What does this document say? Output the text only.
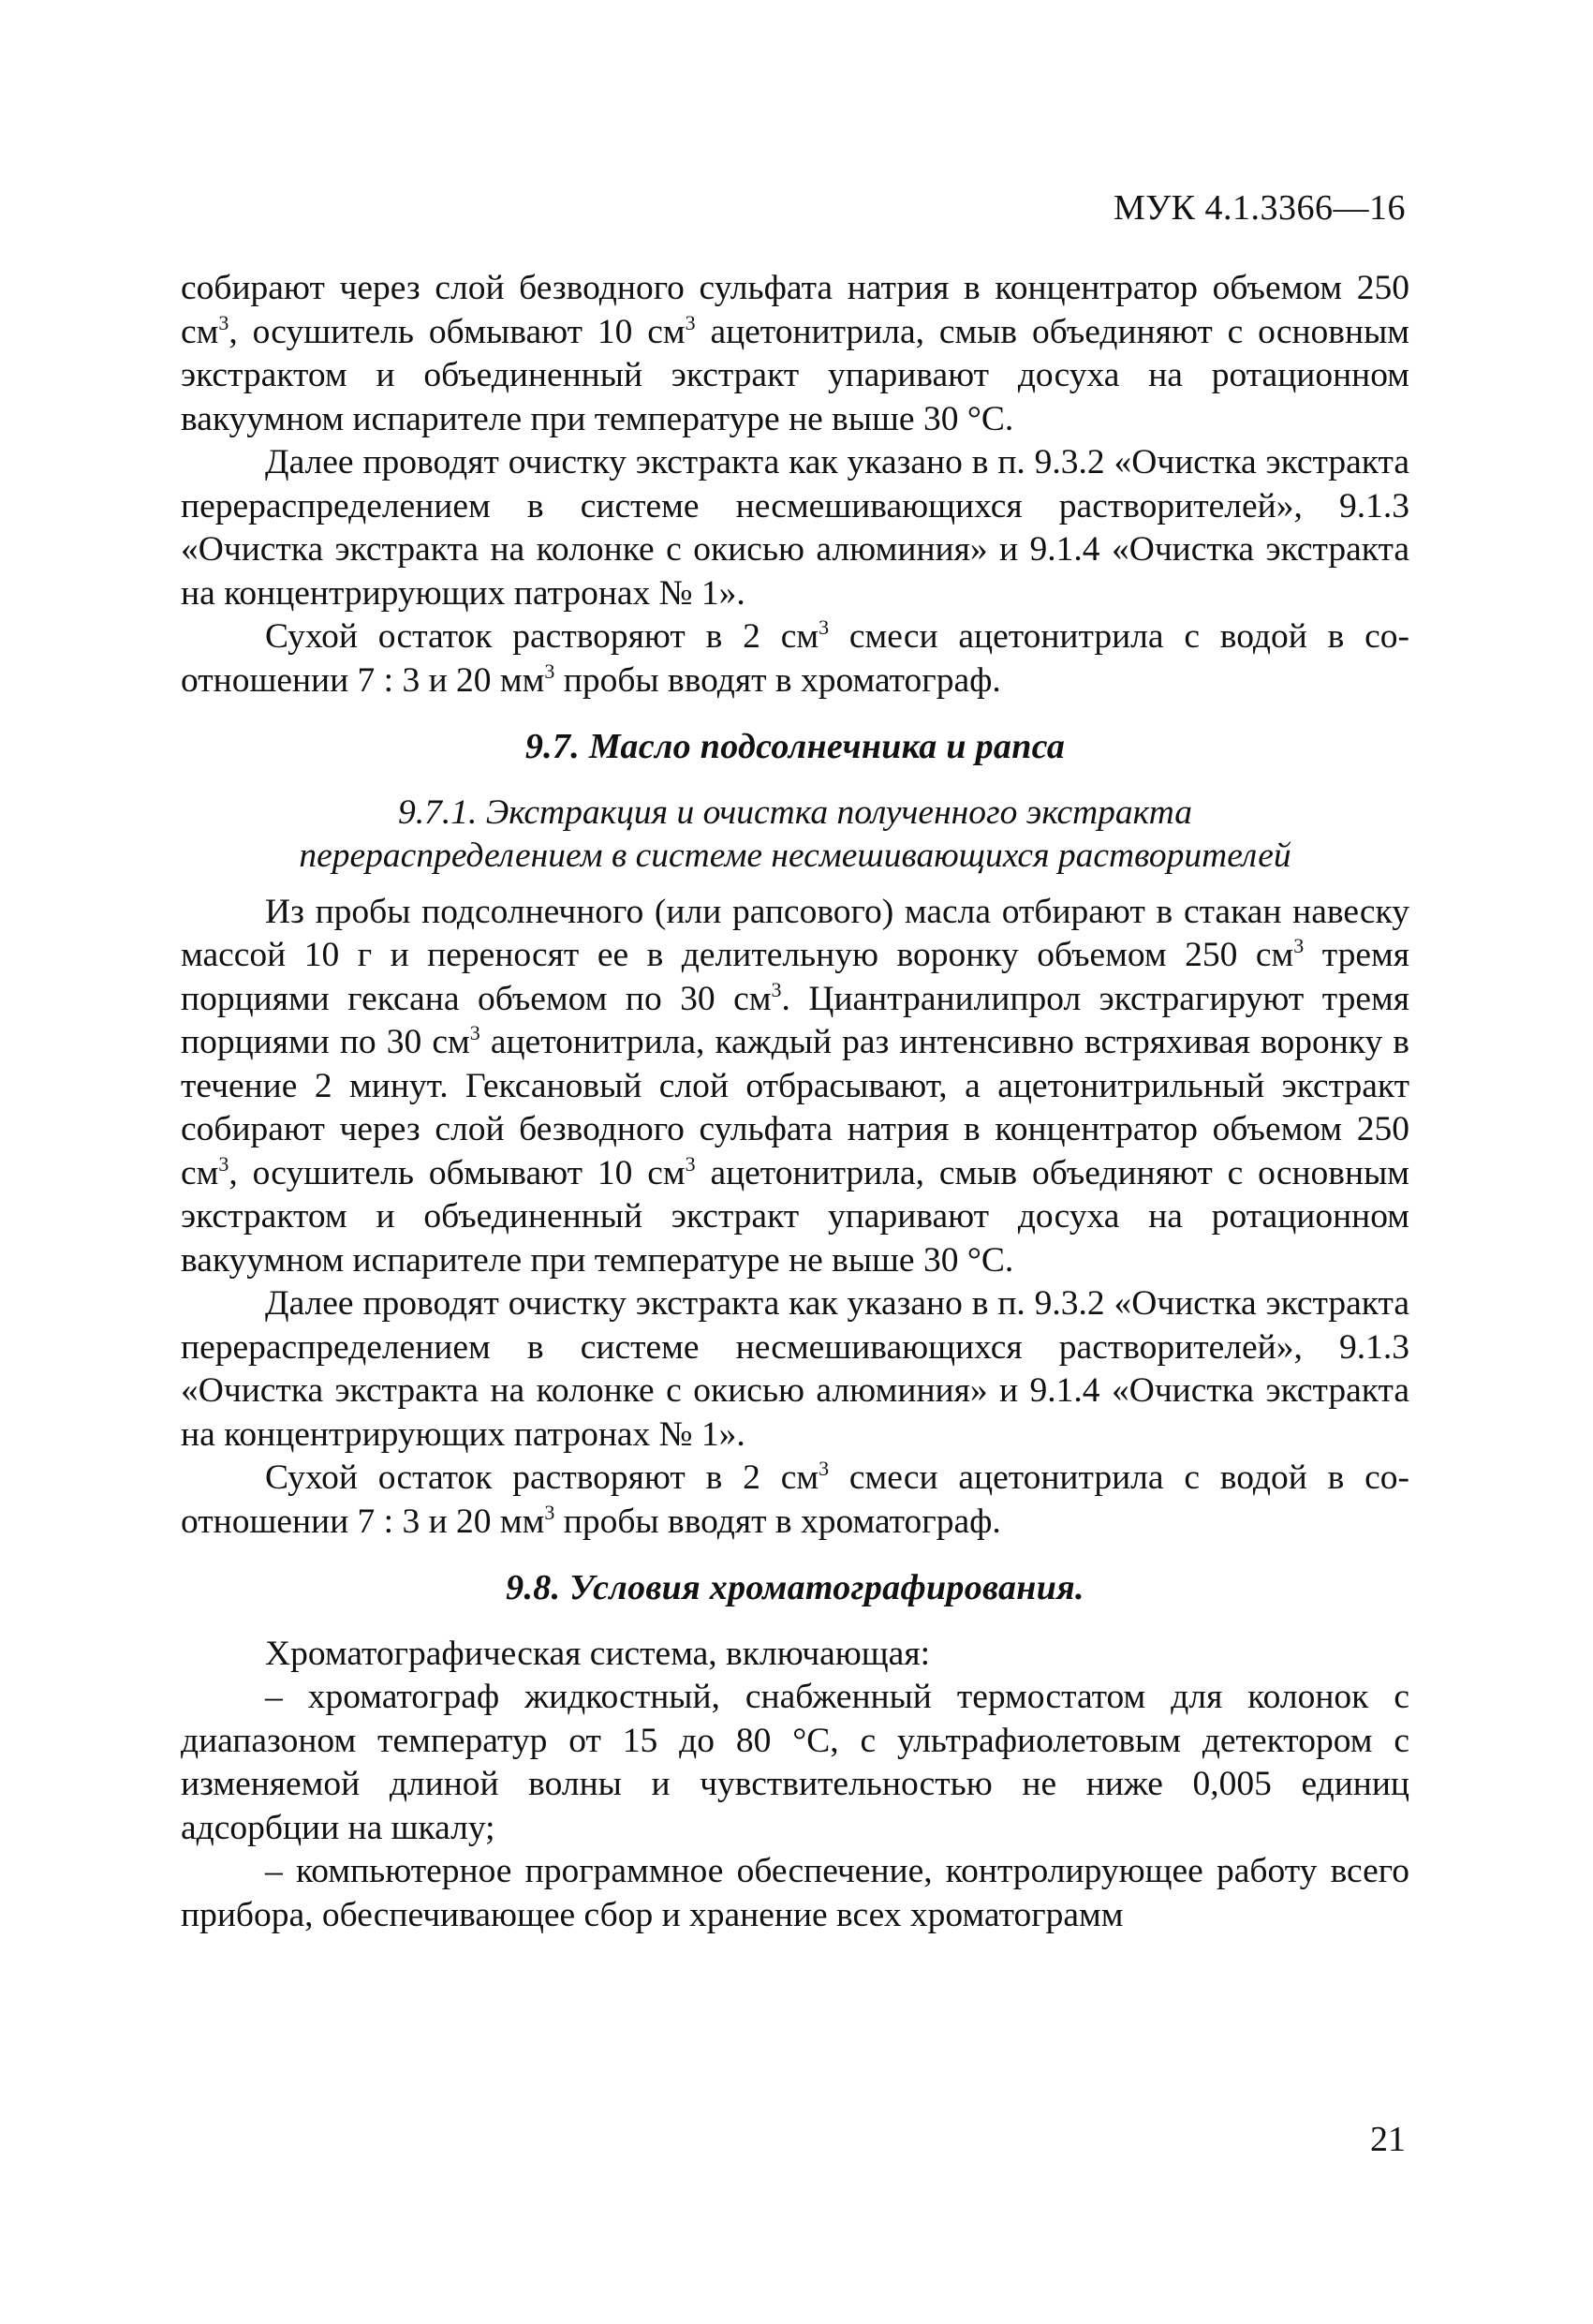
МУК 4.1.3366—16

собирают через слой безводного сульфата натрия в концентратор объемом 250 $см^3$, осушитель обмывают 10 $см^3$ ацетонитрила, смыв объединяют с основным экстрактом и объединенный экстракт упаривают досуха на ротационном вакуумном испарителе при температуре не выше 30 °С.

Далее проводят очистку экстракта как указано в п. 9.3.2 «Очистка экстракта перераспределением в системе несмешивающихся растворителей», 9.1.3 «Очистка экстракта на колонке с окисью алюминия» и 9.1.4 «Очистка экстракта на концентрирующих патронах № 1».

Сухой остаток растворяют в 2 $см^3$ смеси ацетонитрила с водой в соотношении 7 : 3 и 20 $мм^3$ пробы вводят в хроматограф.

9.7. Масло подсолнечника и рапса
9.7.1. Экстракция и очистка полученного экстракта
перераспределением в системе несмешивающихся растворителей

Из пробы подсолнечного (или рапсового) масла отбирают в стакан навеску массой 10 г и переносят ее в делительную воронку объемом 250 $см^3$ тремя порциями гексана объемом по 30 $см^3$. Циантранилипрол экстрагируют тремя порциями по 30 $см^3$ ацетонитрила, каждый раз интенсивно встряхивая воронку в течение 2 минут. Гексановый слой отбрасывают, а ацетонитрильный экстракт собирают через слой безводного сульфата натрия в концентратор объемом 250 $см^3$, осушитель обмывают 10 $см^3$ ацетонитрила, смыв объединяют с основным экстрактом и объединенный экстракт упаривают досуха на ротационном вакуумном испарителе при температуре не выше 30 °С.

Далее проводят очистку экстракта как указано в п. 9.3.2 «Очистка экстракта перераспределением в системе несмешивающихся растворителей», 9.1.3 «Очистка экстракта на колонке с окисью алюминия» и 9.1.4 «Очистка экстракта на концентрирующих патронах № 1».

Сухой остаток растворяют в 2 $см^3$ смеси ацетонитрила с водой в соотношении 7 : 3 и 20 $мм^3$ пробы вводят в хроматограф.

9.8. Условия хроматографирования.

Хроматографическая система, включающая:

– хроматограф жидкостный, снабженный термостатом для колонок с диапазоном температур от 15 до 80 °С, с ультрафиолетовым детектором с изменяемой длиной волны и чувствительностью не ниже 0,005 единиц адсорбции на шкалу;

– компьютерное программное обеспечение, контролирующее работу всего прибора, обеспечивающее сбор и хранение всех хроматограмм

21
